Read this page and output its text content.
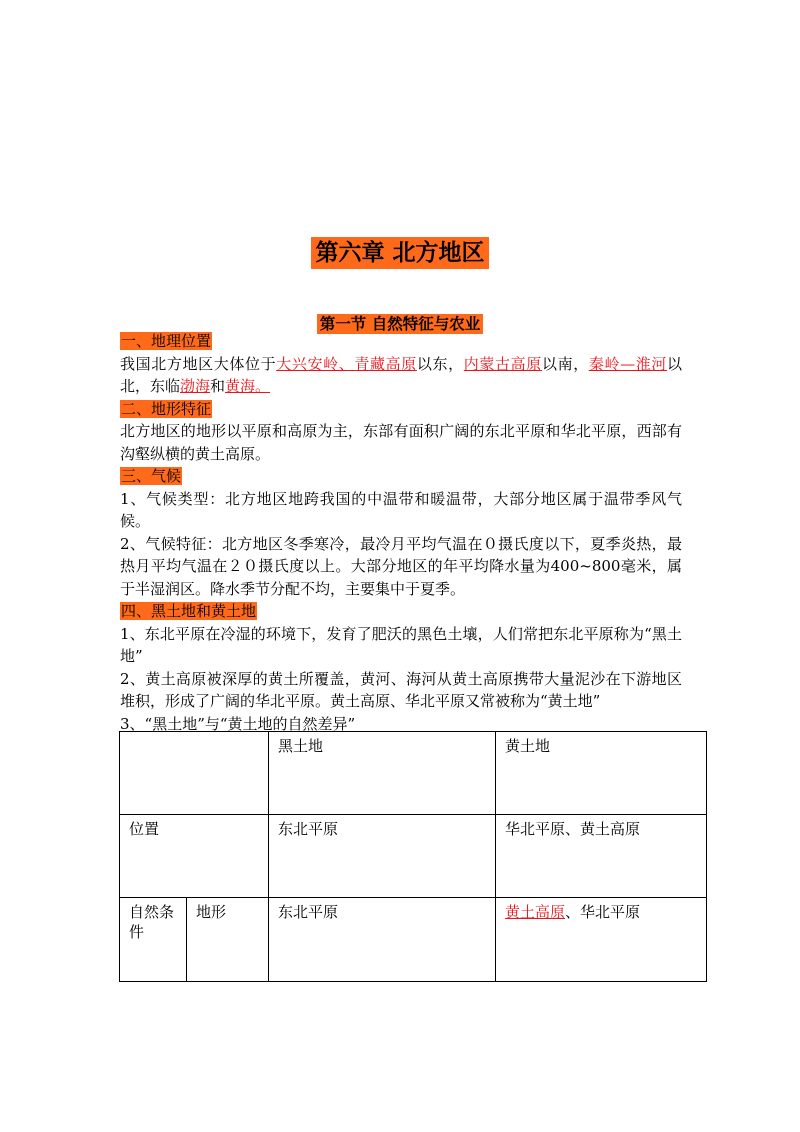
第六章 北方地区
第一节 自然特征与农业

一、地理位置

我国北方地区大体位于大兴安岭、青藏高原以东，内蒙古高原以南，秦岭—淮河以北，东临渤海和黄海。

二、地形特征

北方地区的地形以平原和高原为主，东部有面积广阔的东北平原和华北平原，西部有沟壑纵横的黄土高原。

三、气候

1、气候类型：北方地区地跨我国的中温带和暖温带，大部分地区属于温带季风气候。

2、气候特征：北方地区冬季寒冷，最冷月平均气温在０摄氏度以下，夏季炎热，最热月平均气温在２０摄氏度以上。大部分地区的年平均降水量为400~800毫米，属于半湿润区。降水季节分配不均，主要集中于夏季。

四、黑土地和黄土地

1、东北平原在冷湿的环境下，发育了肥沃的黑色土壤，人们常把东北平原称为“黑土地”

2、黄土高原被深厚的黄土所覆盖，黄河、海河从黄土高原携带大量泥沙在下游地区堆积，形成了广阔的华北平原。黄土高原、华北平原又常被称为“黄土地”

3、“黑土地”与“黄土地的自然差异”

		黑土地	黄土地
位置		东北平原	华北平原、黄土高原
自然条件	地形	东北平原	黄土高原、华北平原
